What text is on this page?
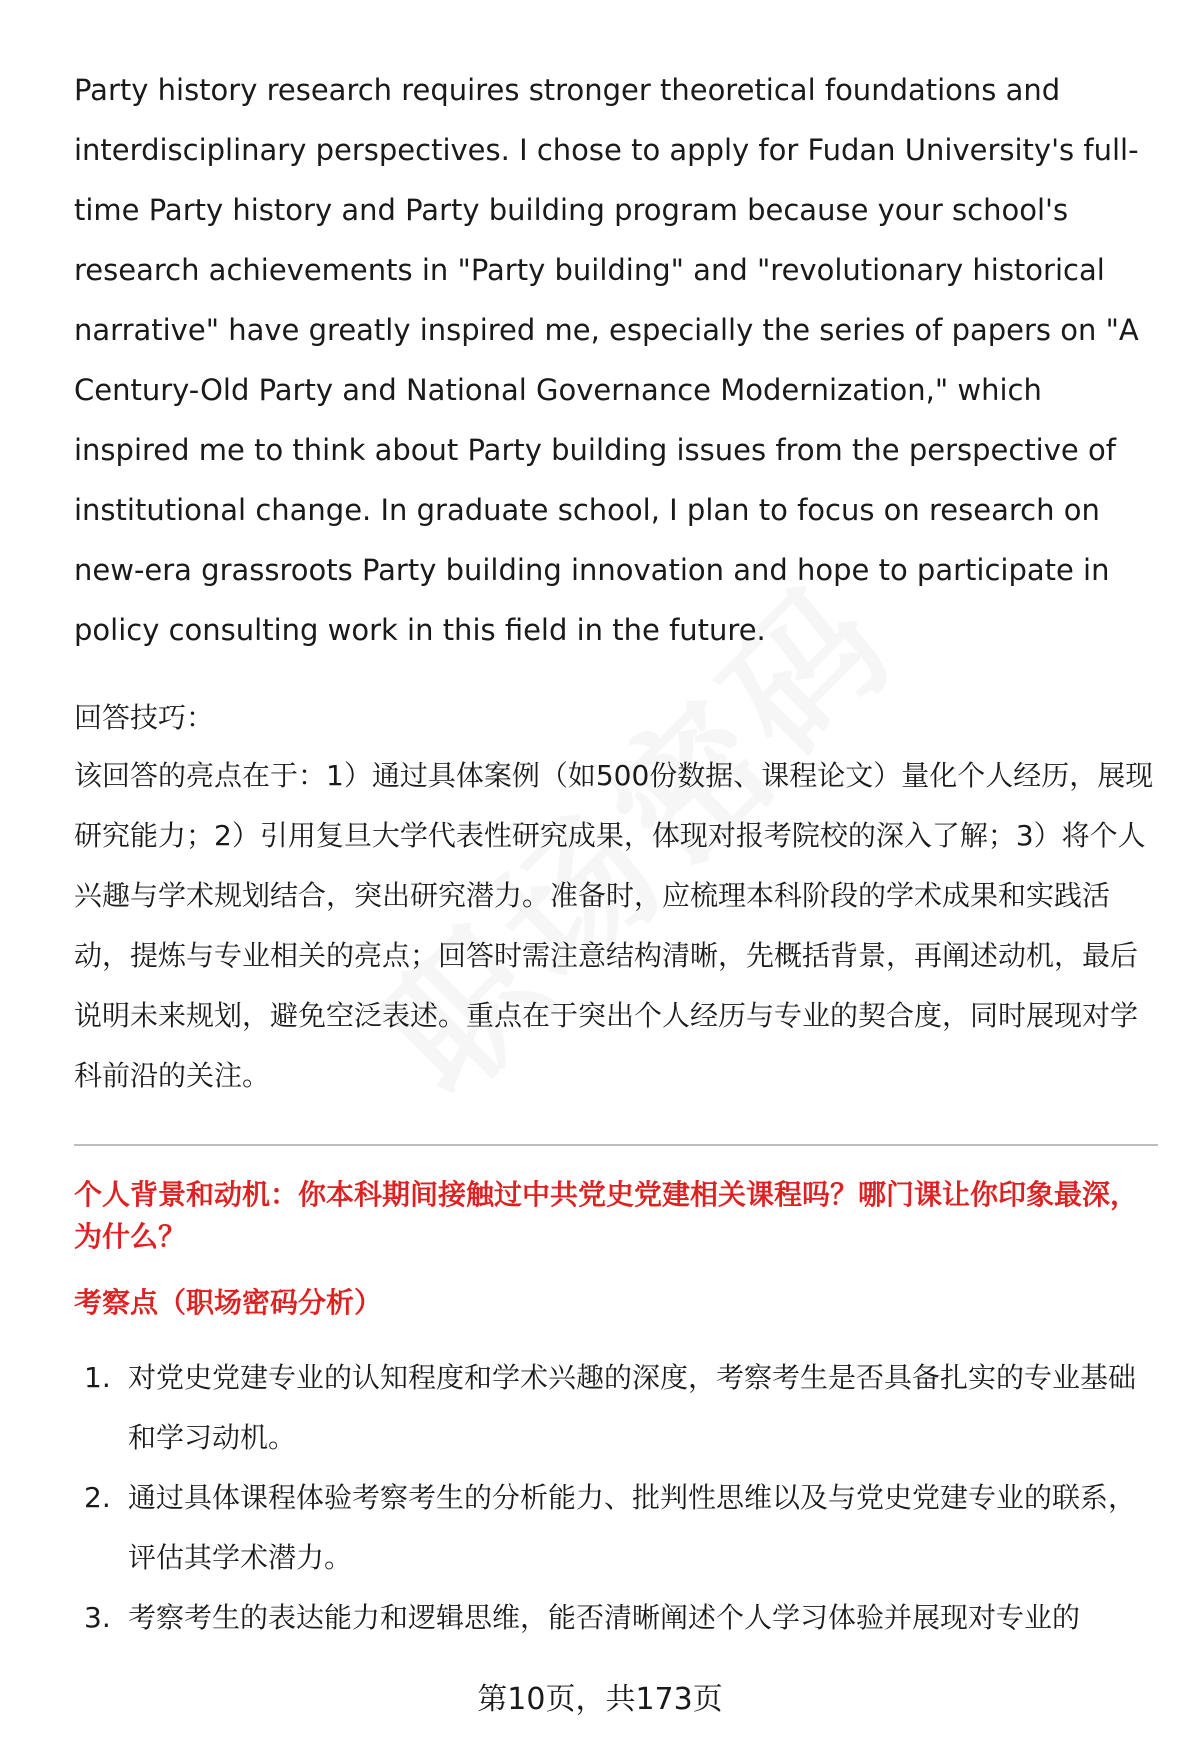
Party history research requires stronger theoretical foundations and interdisciplinary perspectives. I chose to apply for Fudan University's full-time Party history and Party building program because your school's research achievements in "Party building" and "revolutionary historical narrative" have greatly inspired me, especially the series of papers on "A Century-Old Party and National Governance Modernization," which inspired me to think about Party building issues from the perspective of institutional change. In graduate school, I plan to focus on research on new-era grassroots Party building innovation and hope to participate in policy consulting work in this field in the future.

回答技巧：

该回答的亮点在于：1）通过具体案例（如500份数据、课程论文）量化个人经历，展现研究能力；2）引用复旦大学代表性研究成果，体现对报考院校的深入了解；3）将个人兴趣与学术规划结合，突出研究潜力。准备时，应梳理本科阶段的学术成果和实践活动，提炼与专业相关的亮点；回答时需注意结构清晰，先概括背景，再阐述动机，最后说明未来规划，避免空泛表述。重点在于突出个人经历与专业的契合度，同时展现对学科前沿的关注。

个人背景和动机：你本科期间接触过中共党史党建相关课程吗？哪门课让你印象最深，为什么？
考察点（职场密码分析）
1. 对党史党建专业的认知程度和学术兴趣的深度，考察考生是否具备扎实的专业基础和学习动机。
2. 通过具体课程体验考察考生的分析能力、批判性思维以及与党史党建专业的联系，评估其学术潜力。
3. 考察考生的表达能力和逻辑思维，能否清晰阐述个人学习体验并展现对专业的
第10页，共173页
